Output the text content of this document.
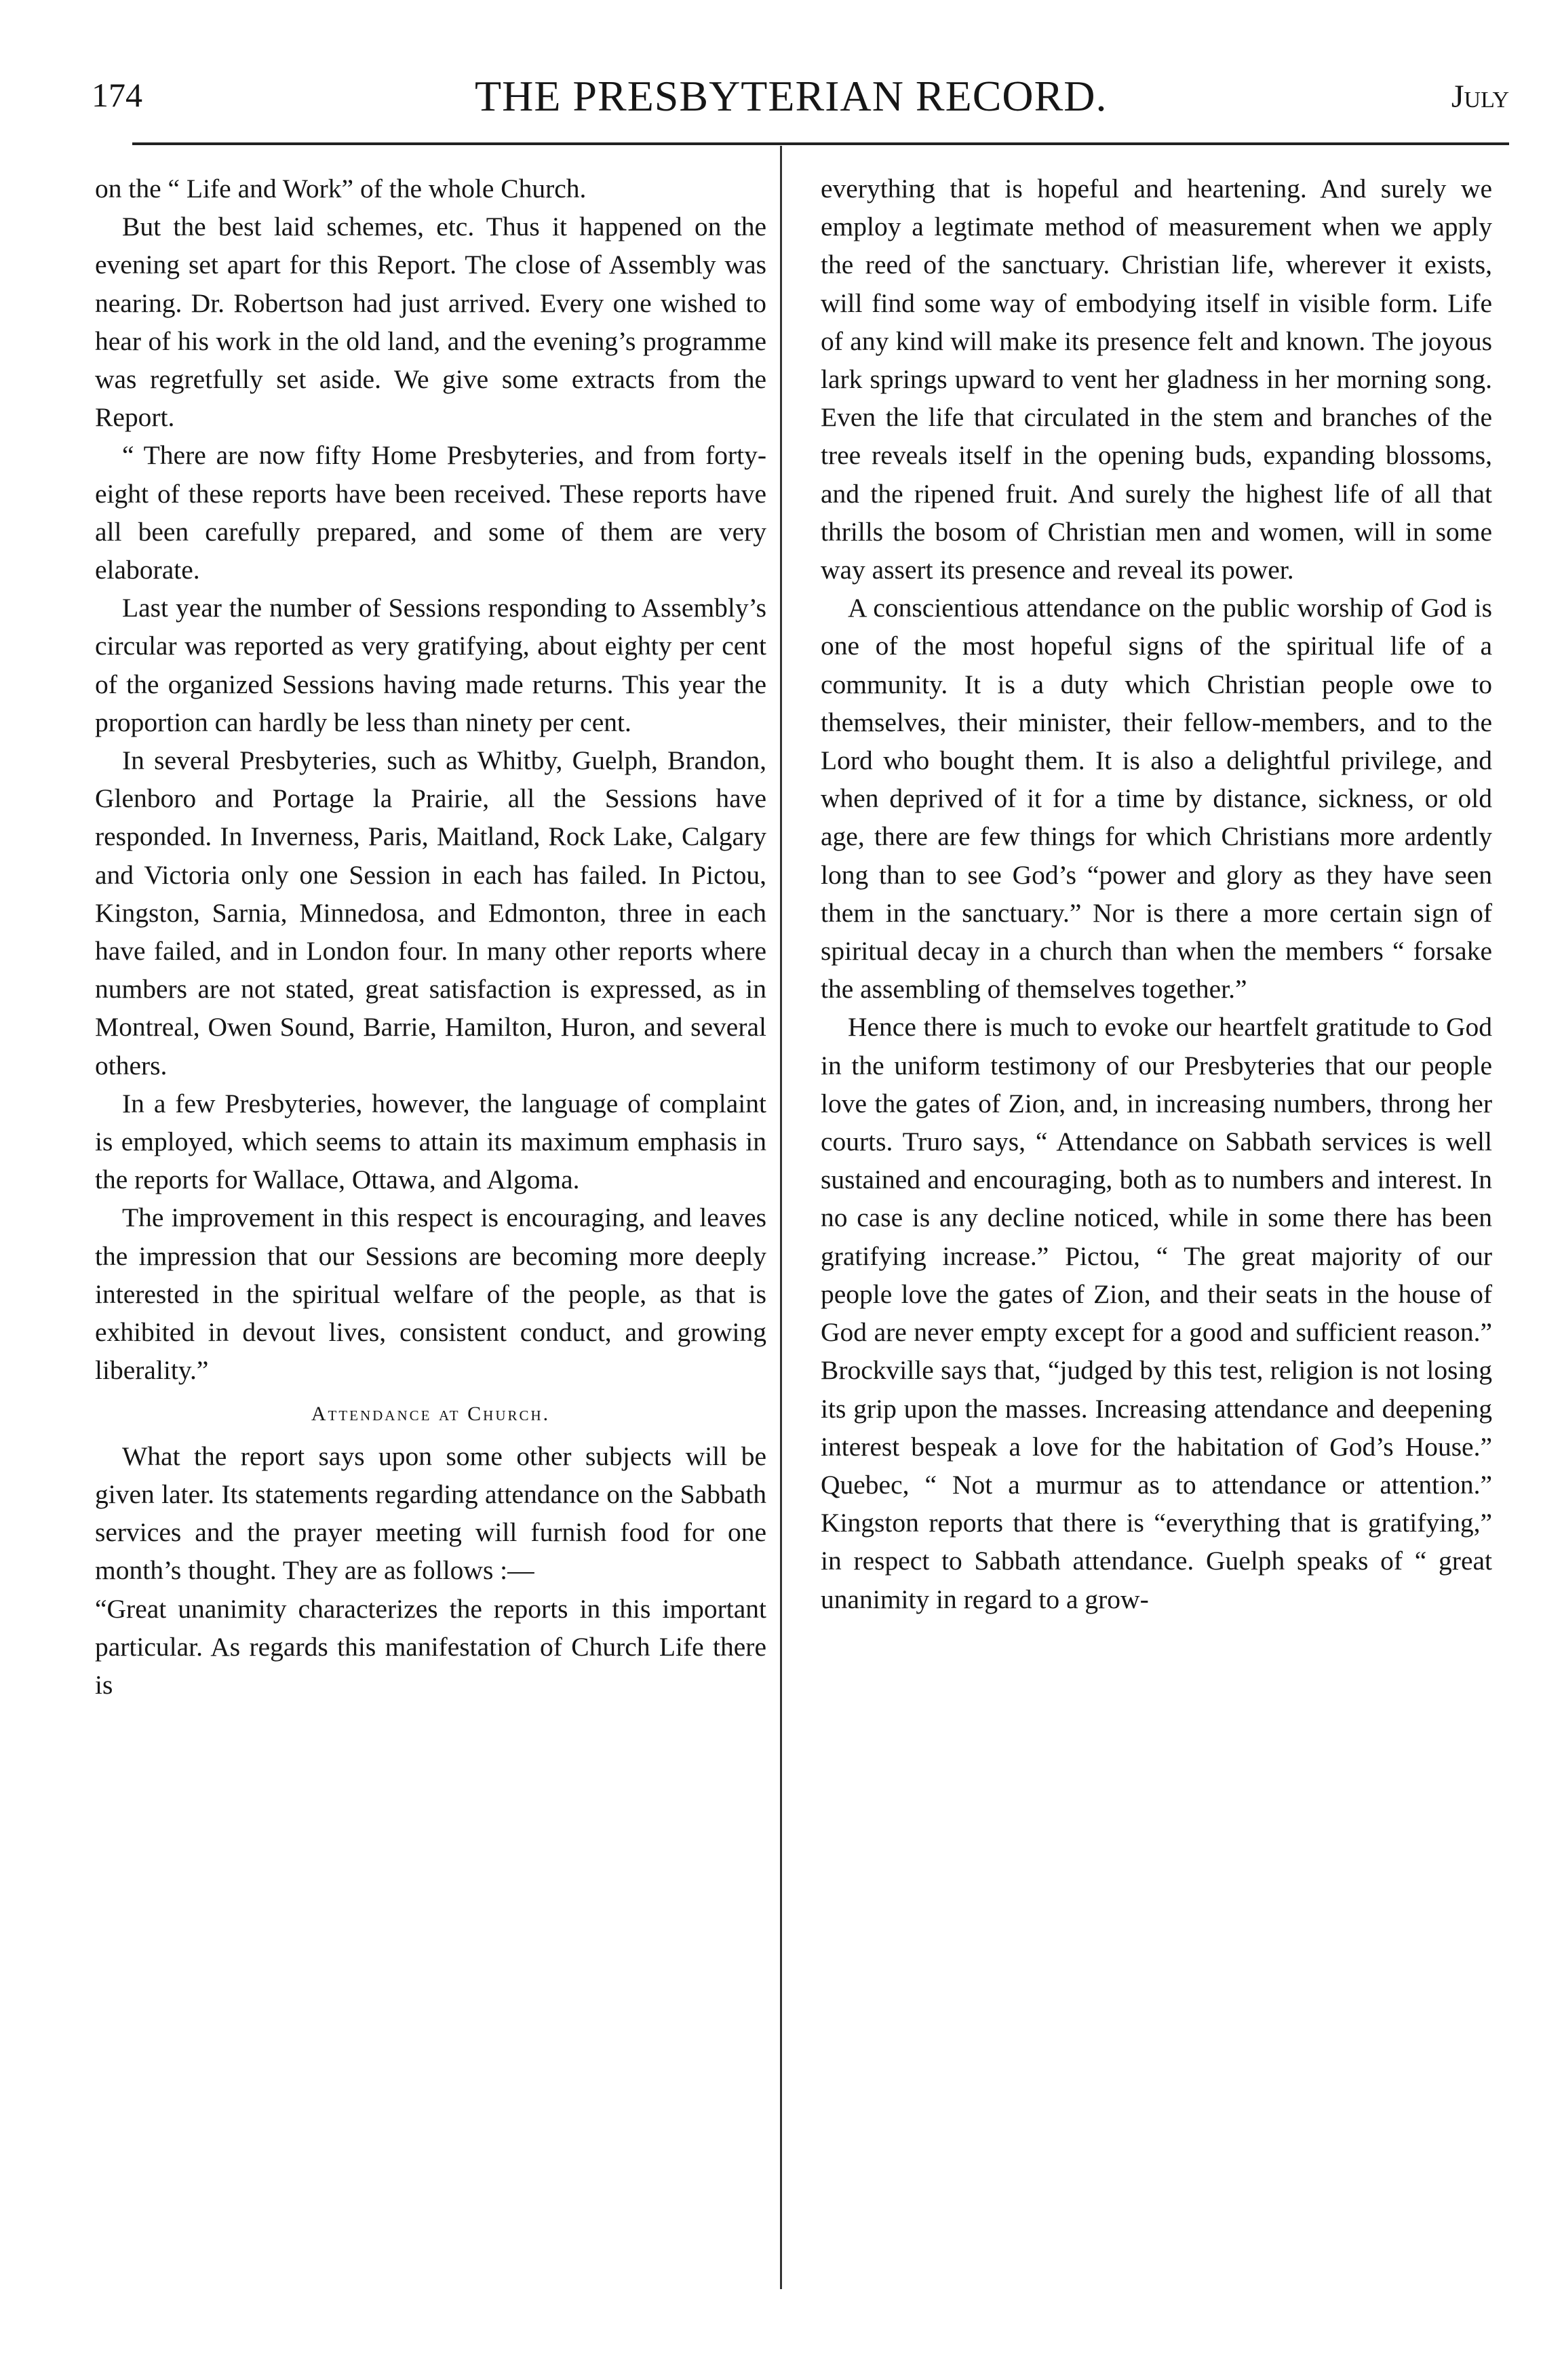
174	THE PRESBYTERIAN RECORD.	July

on the “ Life and Work” of the whole Church.

But the best laid schemes, etc. Thus it happened on the evening set apart for this Report. The close of Assembly was nearing. Dr. Robertson had just arrived. Every one wished to hear of his work in the old land, and the evening’s programme was regretfully set aside. We give some extracts from the Report.

“ There are now fifty Home Presbyteries, and from forty-eight of these reports have been received. These reports have all been carefully prepared, and some of them are very elaborate.

Last year the number of Sessions responding to Assembly’s circular was reported as very gratifying, about eighty per cent of the organized Sessions having made returns. This year the proportion can hardly be less than ninety per cent.

In several Presbyteries, such as Whitby, Guelph, Brandon, Glenboro and Portage la Prairie, all the Sessions have responded. In Inverness, Paris, Maitland, Rock Lake, Calgary and Victoria only one Session in each has failed. In Pictou, Kingston, Sarnia, Minnedosa, and Edmonton, three in each have failed, and in London four. In many other reports where numbers are not stated, great satisfaction is expressed, as in Montreal, Owen Sound, Barrie, Hamilton, Huron, and several others.

In a few Presbyteries, however, the language of complaint is employed, which seems to attain its maximum emphasis in the reports for Wallace, Ottawa, and Algoma.

The improvement in this respect is encouraging, and leaves the impression that our Sessions are becoming more deeply interested in the spiritual welfare of the people, as that is exhibited in devout lives, consistent conduct, and growing liberality.”

Attendance at Church.

What the report says upon some other subjects will be given later. Its statements regarding attendance on the Sabbath services and the prayer meeting will furnish food for one month’s thought. They are as follows :—

“Great unanimity characterizes the reports in this important particular. As regards this manifestation of Church Life there is

everything that is hopeful and heartening. And surely we employ a legtimate method of measurement when we apply the reed of the sanctuary. Christian life, wherever it exists, will find some way of embodying itself in visible form. Life of any kind will make its presence felt and known. The joyous lark springs upward to vent her gladness in her morning song. Even the life that circulated in the stem and branches of the tree reveals itself in the opening buds, expanding blossoms, and the ripened fruit. And surely the highest life of all that thrills the bosom of Christian men and women, will in some way assert its presence and reveal its power.

A conscientious attendance on the public worship of God is one of the most hopeful signs of the spiritual life of a community. It is a duty which Christian people owe to themselves, their minister, their fellow-members, and to the Lord who bought them. It is also a delightful privilege, and when deprived of it for a time by distance, sickness, or old age, there are few things for which Christians more ardently long than to see God’s “power and glory as they have seen them in the sanctuary.” Nor is there a more certain sign of spiritual decay in a church than when the members “ forsake the assembling of themselves together.”

Hence there is much to evoke our heartfelt gratitude to God in the uniform testimony of our Presbyteries that our people love the gates of Zion, and, in increasing numbers, throng her courts. Truro says, “ Attendance on Sabbath services is well sustained and encouraging, both as to numbers and interest. In no case is any decline noticed, while in some there has been gratifying increase.” Pictou, “ The great majority of our people love the gates of Zion, and their seats in the house of God are never empty except for a good and sufficient reason.” Brockville says that, “judged by this test, religion is not losing its grip upon the masses. Increasing attendance and deepening interest bespeak a love for the habitation of God’s House.” Quebec, “ Not a murmur as to attendance or attention.” Kingston reports that there is “everything that is gratifying,” in respect to Sabbath attendance. Guelph speaks of “ great unanimity in regard to a grow-
